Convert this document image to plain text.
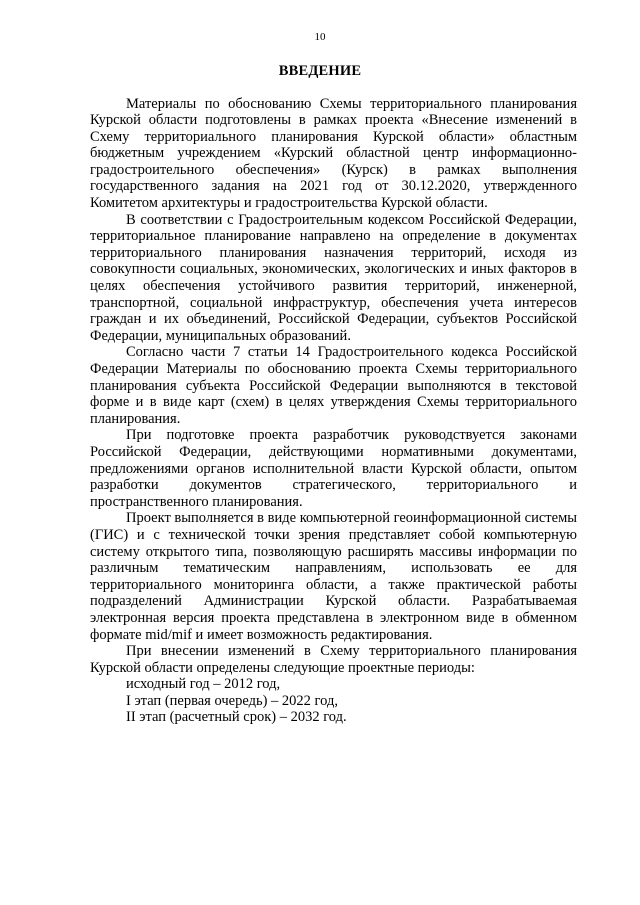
10
ВВЕДЕНИЕ

Материалы по обоснованию Схемы территориального планирования Курской области подготовлены в рамках проекта «Внесение изменений в Схему территориального планирования Курской области» областным бюджетным учреждением «Курский областной центр информационно-градостроительного обеспечения» (Курск) в рамках выполнения государственного задания на 2021 год от 30.12.2020, утвержденного Комитетом архитектуры и градостроительства Курской области.

В соответствии с Градостроительным кодексом Российской Федерации, территориальное планирование направлено на определение в документах территориального планирования назначения территорий, исходя из совокупности социальных, экономических, экологических и иных факторов в целях обеспечения устойчивого развития территорий, инженерной, транспортной, социальной инфраструктур, обеспечения учета интересов граждан и их объединений, Российской Федерации, субъектов Российской Федерации, муниципальных образований.

Согласно части 7 статьи 14 Градостроительного кодекса Российской Федерации Материалы по обоснованию проекта Схемы территориального планирования субъекта Российской Федерации выполняются в текстовой форме и в виде карт (схем) в целях утверждения Схемы территориального планирования.

При подготовке проекта разработчик руководствуется законами Российской Федерации, действующими нормативными документами, предложениями органов исполнительной власти Курской области, опытом разработки документов стратегического, территориального и пространственного планирования.

Проект выполняется в виде компьютерной геоинформационной системы (ГИС) и с технической точки зрения представляет собой компьютерную систему открытого типа, позволяющую расширять массивы информации по различным тематическим направлениям, использовать ее для территориального мониторинга области, а также практической работы подразделений Администрации Курской области. Разрабатываемая электронная версия проекта представлена в электронном виде в обменном формате mid/mif и имеет возможность редактирования.

При внесении изменений в Схему территориального планирования Курской области определены следующие проектные периоды:

исходный год – 2012 год,

I этап (первая очередь) – 2022 год,

II этап (расчетный срок) – 2032 год.
